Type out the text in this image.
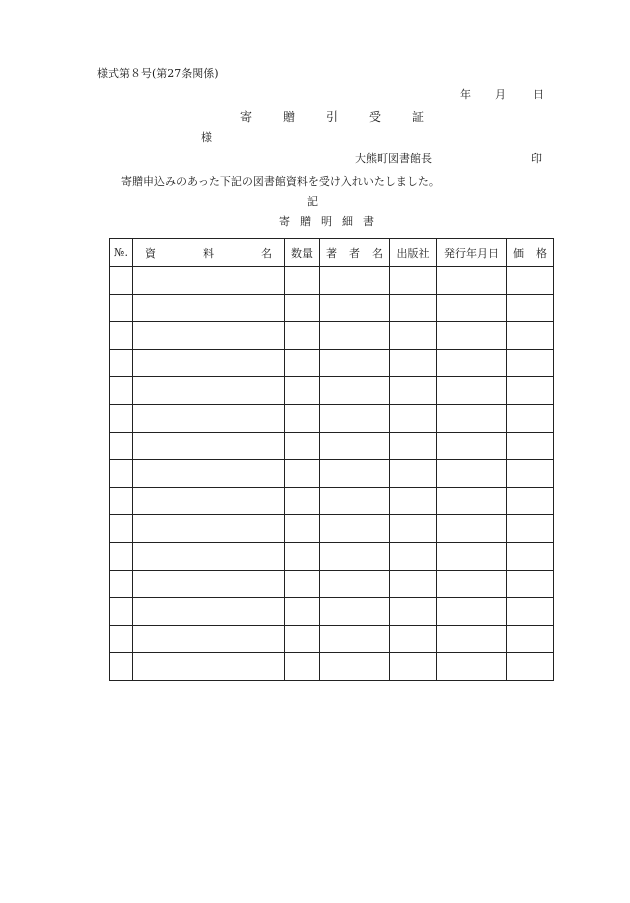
様式第８号(第27条関係)
年 月 日
寄	贈	引	受	証
様
大熊町図書館長	印
寄贈申込みのあった下記の図書館資料を受け入れいたしました。
記
寄 贈 明 細 書
№.	資 料 名	数量	著 者 名	出版社	発行年月日	価 格
